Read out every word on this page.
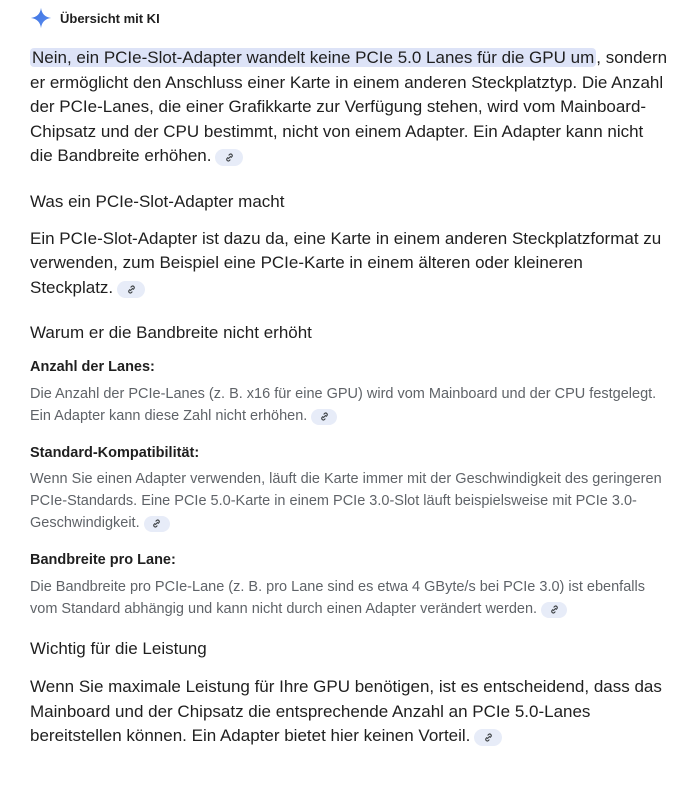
Übersicht mit KI

Nein, ein PCIe-Slot-Adapter wandelt keine PCIe 5.0 Lanes für die GPU um , sondern er ermöglicht den Anschluss einer Karte in einem anderen Steckplatztyp. Die Anzahl der PCIe-Lanes, die einer Grafikkarte zur Verfügung stehen, wird vom Mainboard-Chipsatz und der CPU bestimmt, nicht von einem Adapter. Ein Adapter kann nicht die Bandbreite erhöhen.

Was ein PCIe-Slot-Adapter macht

Ein PCIe-Slot-Adapter ist dazu da, eine Karte in einem anderen Steckplatzformat zu verwenden, zum Beispiel eine PCIe-Karte in einem älteren oder kleineren Steckplatz.

Warum er die Bandbreite nicht erhöht

Anzahl der Lanes:

Die Anzahl der PCIe-Lanes (z. B. x16 für eine GPU) wird vom Mainboard und der CPU festgelegt. Ein Adapter kann diese Zahl nicht erhöhen.

Standard-Kompatibilität:

Wenn Sie einen Adapter verwenden, läuft die Karte immer mit der Geschwindigkeit des geringeren PCIe-Standards. Eine PCIe 5.0-Karte in einem PCIe 3.0-Slot läuft beispielsweise mit PCIe 3.0-Geschwindigkeit.

Bandbreite pro Lane:

Die Bandbreite pro PCIe-Lane (z. B. pro Lane sind es etwa 4 GByte/s bei PCIe 3.0) ist ebenfalls vom Standard abhängig und kann nicht durch einen Adapter verändert werden.

Wichtig für die Leistung

Wenn Sie maximale Leistung für Ihre GPU benötigen, ist es entscheidend, dass das Mainboard und der Chipsatz die entsprechende Anzahl an PCIe 5.0-Lanes bereitstellen können. Ein Adapter bietet hier keinen Vorteil.
